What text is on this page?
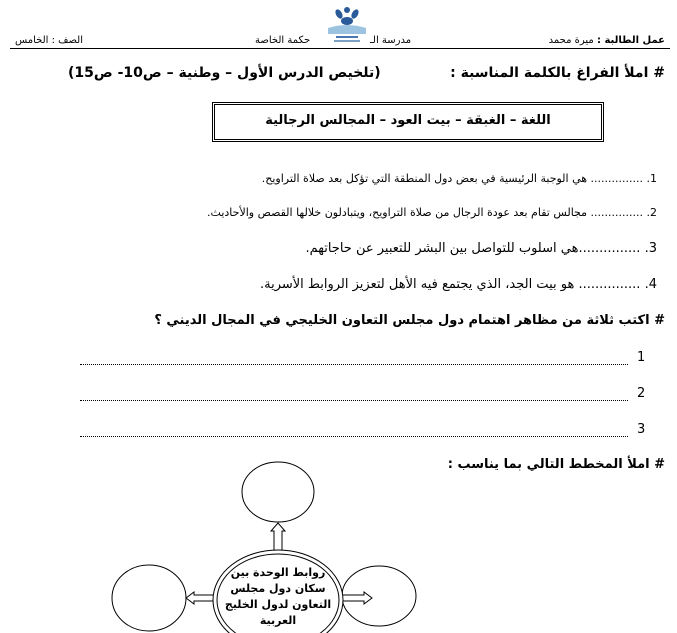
عمل الطالبة : ميرة محمد
مدرسة الـ
حكمة الخاصة
الصف : الخامس
# املأ الفراغ بالكلمة المناسبة :
(تلخيص الدرس الأول – وطنية – ص10- ص15)
اللغة – الغبقة – بيت العود – المجالس الرجالية
1. ............... هي الوجبة الرئيسية في بعض دول المنطقة التي تؤكل بعد صلاة التراويح.
2. ............... مجالس تقام بعد عودة الرجال من صلاة التراويح، ويتبادلون خلالها القصص والأحاديث.
3. ...............هي اسلوب للتواصل بين البشر للتعبير عن حاجاتهم.
4. ............... هو بيت الجد، الذي يجتمع فيه الأهل لتعزيز الروابط الأسرية.
# اكتب ثلاثة من مظاهر اهتمام دول مجلس التعاون الخليجي في المجال الديني ؟
1
2
3
# املأ المخطط التالي بما يناسب :
روابط الوحدة بين
سكان دول مجلس
التعاون لدول الخليج
العربية
